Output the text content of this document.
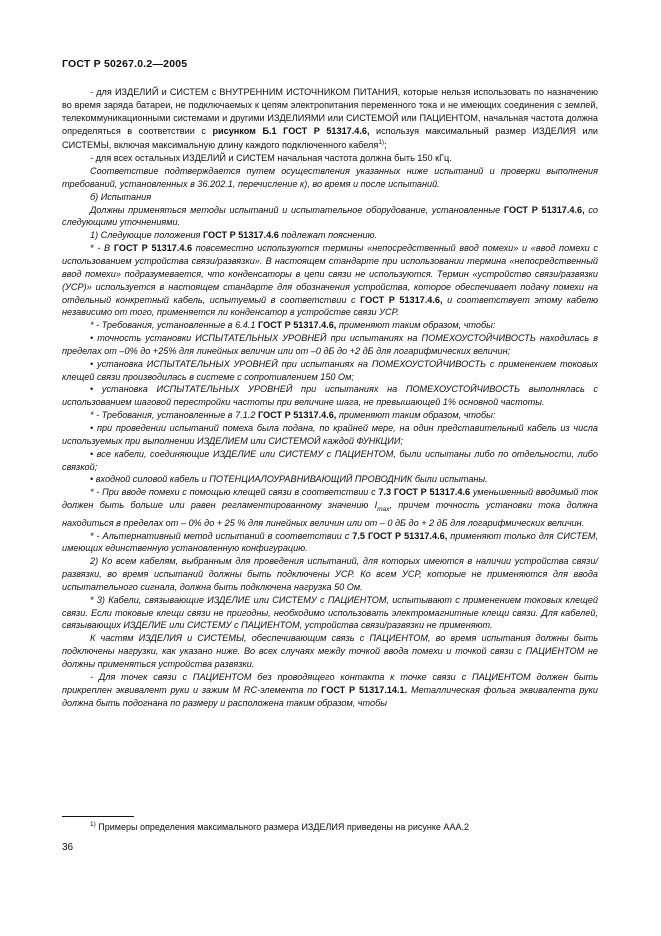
ГОСТ Р 50267.0.2—2005

- для ИЗДЕЛИЙ и СИСТЕМ с ВНУТРЕННИМ ИСТОЧНИКОМ ПИТАНИЯ, которые нельзя использовать по назначению во время заряда батареи, не подключаемых к цепям электропитания переменного тока и не имеющих соединения с землей, телекоммуникационными системами и другими ИЗДЕЛИЯМИ или СИСТЕМОЙ или ПАЦИЕНТОМ, начальная частота должна определяться в соответствии с рисунком Б.1 ГОСТ Р 51317.4.6, используя максимальный размер ИЗДЕЛИЯ или СИСТЕМЫ, включая максимальную длину каждого подключенного кабеля$^{1)}$;

- для всех остальных ИЗДЕЛИЙ и СИСТЕМ начальная частота должна быть 150 кГц.

Соответствие подтверждается путем осуществления указанных ниже испытаний и проверки выполнения требований, установленных в 36.202.1, перечисление к), во время и после испытаний.

б) Испытания

Должны применяться методы испытаний и испытательное оборудование, установленные ГОСТ Р 51317.4.6, со следующими уточнениями.

1) Следующие положения ГОСТ Р 51317.4.6 подлежат пояснению.

* - В ГОСТ Р 51317.4.6 повсеместно используются термины «непосредственный ввод помехи» и «ввод помехи с использованием устройства связи/развязки». В настоящем стандарте при использовании термина «непосредственный ввод помехи» подразумевается, что конденсаторы в цепи связи не используются. Термин «устройство связи/развязки (УСР)» используется в настоящем стандарте для обозначения устройства, которое обеспечивает подачу помехи на отдельный конкретный кабель, испытуемый в соответствии с ГОСТ Р 51317.4.6, и соответствует этому кабелю независимо от того, применяется ли конденсатор в устройстве связи УСР.

* - Требования, установленные в 6.4.1 ГОСТ Р 51317.4.6, применяют таким образом, чтобы:

• точность установки ИСПЫТАТЕЛЬНЫХ УРОВНЕЙ при испытаниях на ПОМЕХОУСТОЙЧИВОСТЬ находилась в пределах от –0% до +25% для линейных величин или от –0 дБ до +2 дБ для логарифмических величин;

• установка ИСПЫТАТЕЛЬНЫХ УРОВНЕЙ при испытаниях на ПОМЕХОУСТОЙЧИВОСТЬ с применением токовых клещей связи производилась в системе с сопротивлением 150 Ом;

• установка ИСПЫТАТЕЛЬНЫХ УРОВНЕЙ при испытаниях на ПОМЕХОУСТОЙЧИВОСТЬ выполнялась с использованием шаговой перестройки частоты при величине шага, не превышающей 1% основной частоты.

* - Требования, установленные в 7.1.2 ГОСТ Р 51317.4.6, применяют таким образом, чтобы:

• при проведении испытаний помеха была подана, по крайней мере, на один представительный кабель из числа используемых при выполнении ИЗДЕЛИЕМ или СИСТЕМОЙ каждой ФУНКЦИИ;

• все кабели, соединяющие ИЗДЕЛИЕ или СИСТЕМУ с ПАЦИЕНТОМ, были испытаны либо по отдельности, либо связкой;

• входной силовой кабель и ПОТЕНЦИАЛОУРАВНИВАЮЩИЙ ПРОВОДНИК были испытаны.

* - При вводе помехи с помощью клещей связи в соответствии с 7.3 ГОСТ Р 51317.4.6 уменьшенный вводимый ток должен быть больше или равен регламентированному значению $I_{max}$, причем точность установки тока должна находиться в пределах от – 0% до + 25 % для линейных величин или от – 0 дБ до + 2 дБ для логарифмических величин.

* - Альтернативный метод испытаний в соответствии с 7.5 ГОСТ Р 51317.4.6, применяют только для СИСТЕМ, имеющих единственную установленную конфигурацию.

2) Ко всем кабелям, выбранным для проведения испытаний, для которых имеются в наличии устройства связи/развязки, во время испытаний должны быть подключены УСР. Ко всем УСР, которые не применяются для ввода испытательного сигнала, должна быть подключена нагрузка 50 Ом.

* 3) Кабели, связывающие ИЗДЕЛИЕ или СИСТЕМУ с ПАЦИЕНТОМ, испытывают с применением токовых клещей связи. Если токовые клещи связи не пригодны, необходимо использовать электромагнитные клещи связи. Для кабелей, связывающих ИЗДЕЛИЕ или СИСТЕМУ с ПАЦИЕНТОМ, устройства связи/развязки не применяют.

К частям ИЗДЕЛИЯ и СИСТЕМЫ, обеспечивающим связь с ПАЦИЕНТОМ, во время испытания должны быть подключены нагрузки, как указано ниже. Во всех случаях между точкой ввода помехи и точкой связи с ПАЦИЕНТОМ не должны применяться устройства развязки.

- Для точек связи с ПАЦИЕНТОМ без проводящего контакта к точке связи с ПАЦИЕНТОМ должен быть прикреплен эквивалент руки и зажим М RC-элемента по ГОСТ Р 51317.14.1. Металлическая фольга эквивалента руки должна быть подогнана по размеру и расположена таким образом, чтобы

$^{1)}$ Примеры определения максимального размера ИЗДЕЛИЯ приведены на рисунке ААА.2
36
